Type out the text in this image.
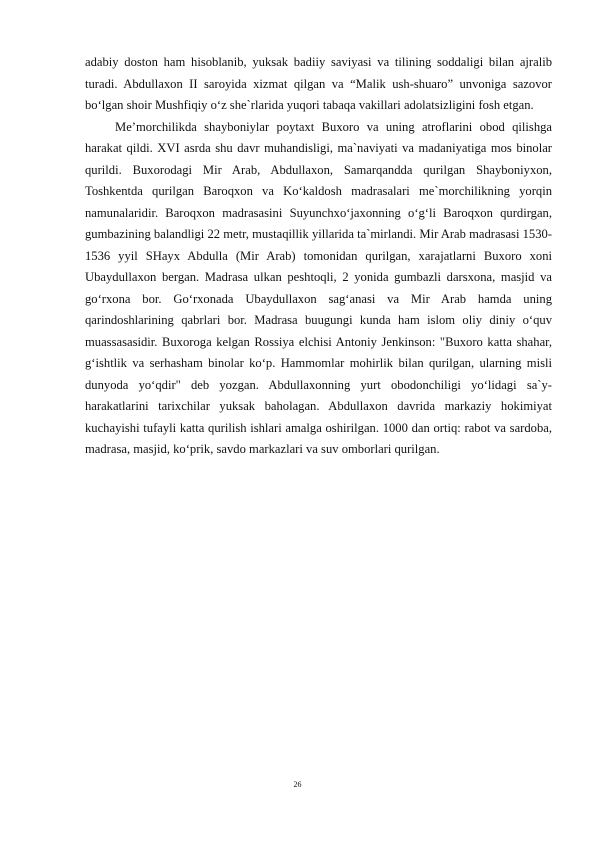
adabiy doston ham hisoblanib, yuksak badiiy saviyasi va tilining soddaligi bilan ajralib turadi. Abdullaxon II saroyida xizmat qilgan va “Malik ush-shuaro” unvoniga sazovor bo‘lgan shoir Mushfiqiy o‘z she`rlarida yuqori tabaqa vakillari adolatsizligini fosh etgan.

Me’morchilikda shayboniylar poytaxt Buxoro va uning atroflarini obod qilishga harakat qildi. XVI asrda shu davr muhandisligi, ma`naviyati va madaniyatiga mos binolar qurildi. Buxorodagi Mir Arab, Abdullaxon, Samarqandda qurilgan Shayboniyxon, Toshkentda qurilgan Baroqxon va Ko‘kaldosh madrasalari me`morchilikning yorqin namunalaridir. Baroqxon madrasasini Suyunchxo‘jaxonning o‘g‘li Baroqxon qurdirgan, gumbazining balandligi 22 metr, mustaqillik yillarida ta`mirlandi. Mir Arab madrasasi 1530-1536 yyil SHayx Abdulla (Mir Arab) tomonidan qurilgan, xarajatlarni Buxoro xoni Ubaydullaxon bergan. Madrasa ulkan peshtoqli, 2 yonida gumbazli darsxona, masjid va go‘rxona bor. Go‘rxonada Ubaydullaxon sag‘anasi va Mir Arab hamda uning qarindoshlarining qabrlari bor. Madrasa buugungi kunda ham islom oliy diniy o‘quv muassasasidir. Buxoroga kelgan Rossiya elchisi Antoniy Jenkinson: "Buxoro katta shahar, g‘ishtlik va serhasham binolar ko‘p. Hammomlar mohirlik bilan qurilgan, ularning misli dunyoda yo‘qdir" deb yozgan. Abdullaxonning yurt obodonchiligi yo‘lidagi sa`y-harakatlarini tarixchilar yuksak baholagan. Abdullaxon davrida markaziy hokimiyat kuchayishi tufayli katta qurilish ishlari amalga oshirilgan. 1000 dan ortiq: rabot va sardoba, madrasa, masjid, ko‘prik, savdo markazlari va suv omborlari qurilgan.

26
